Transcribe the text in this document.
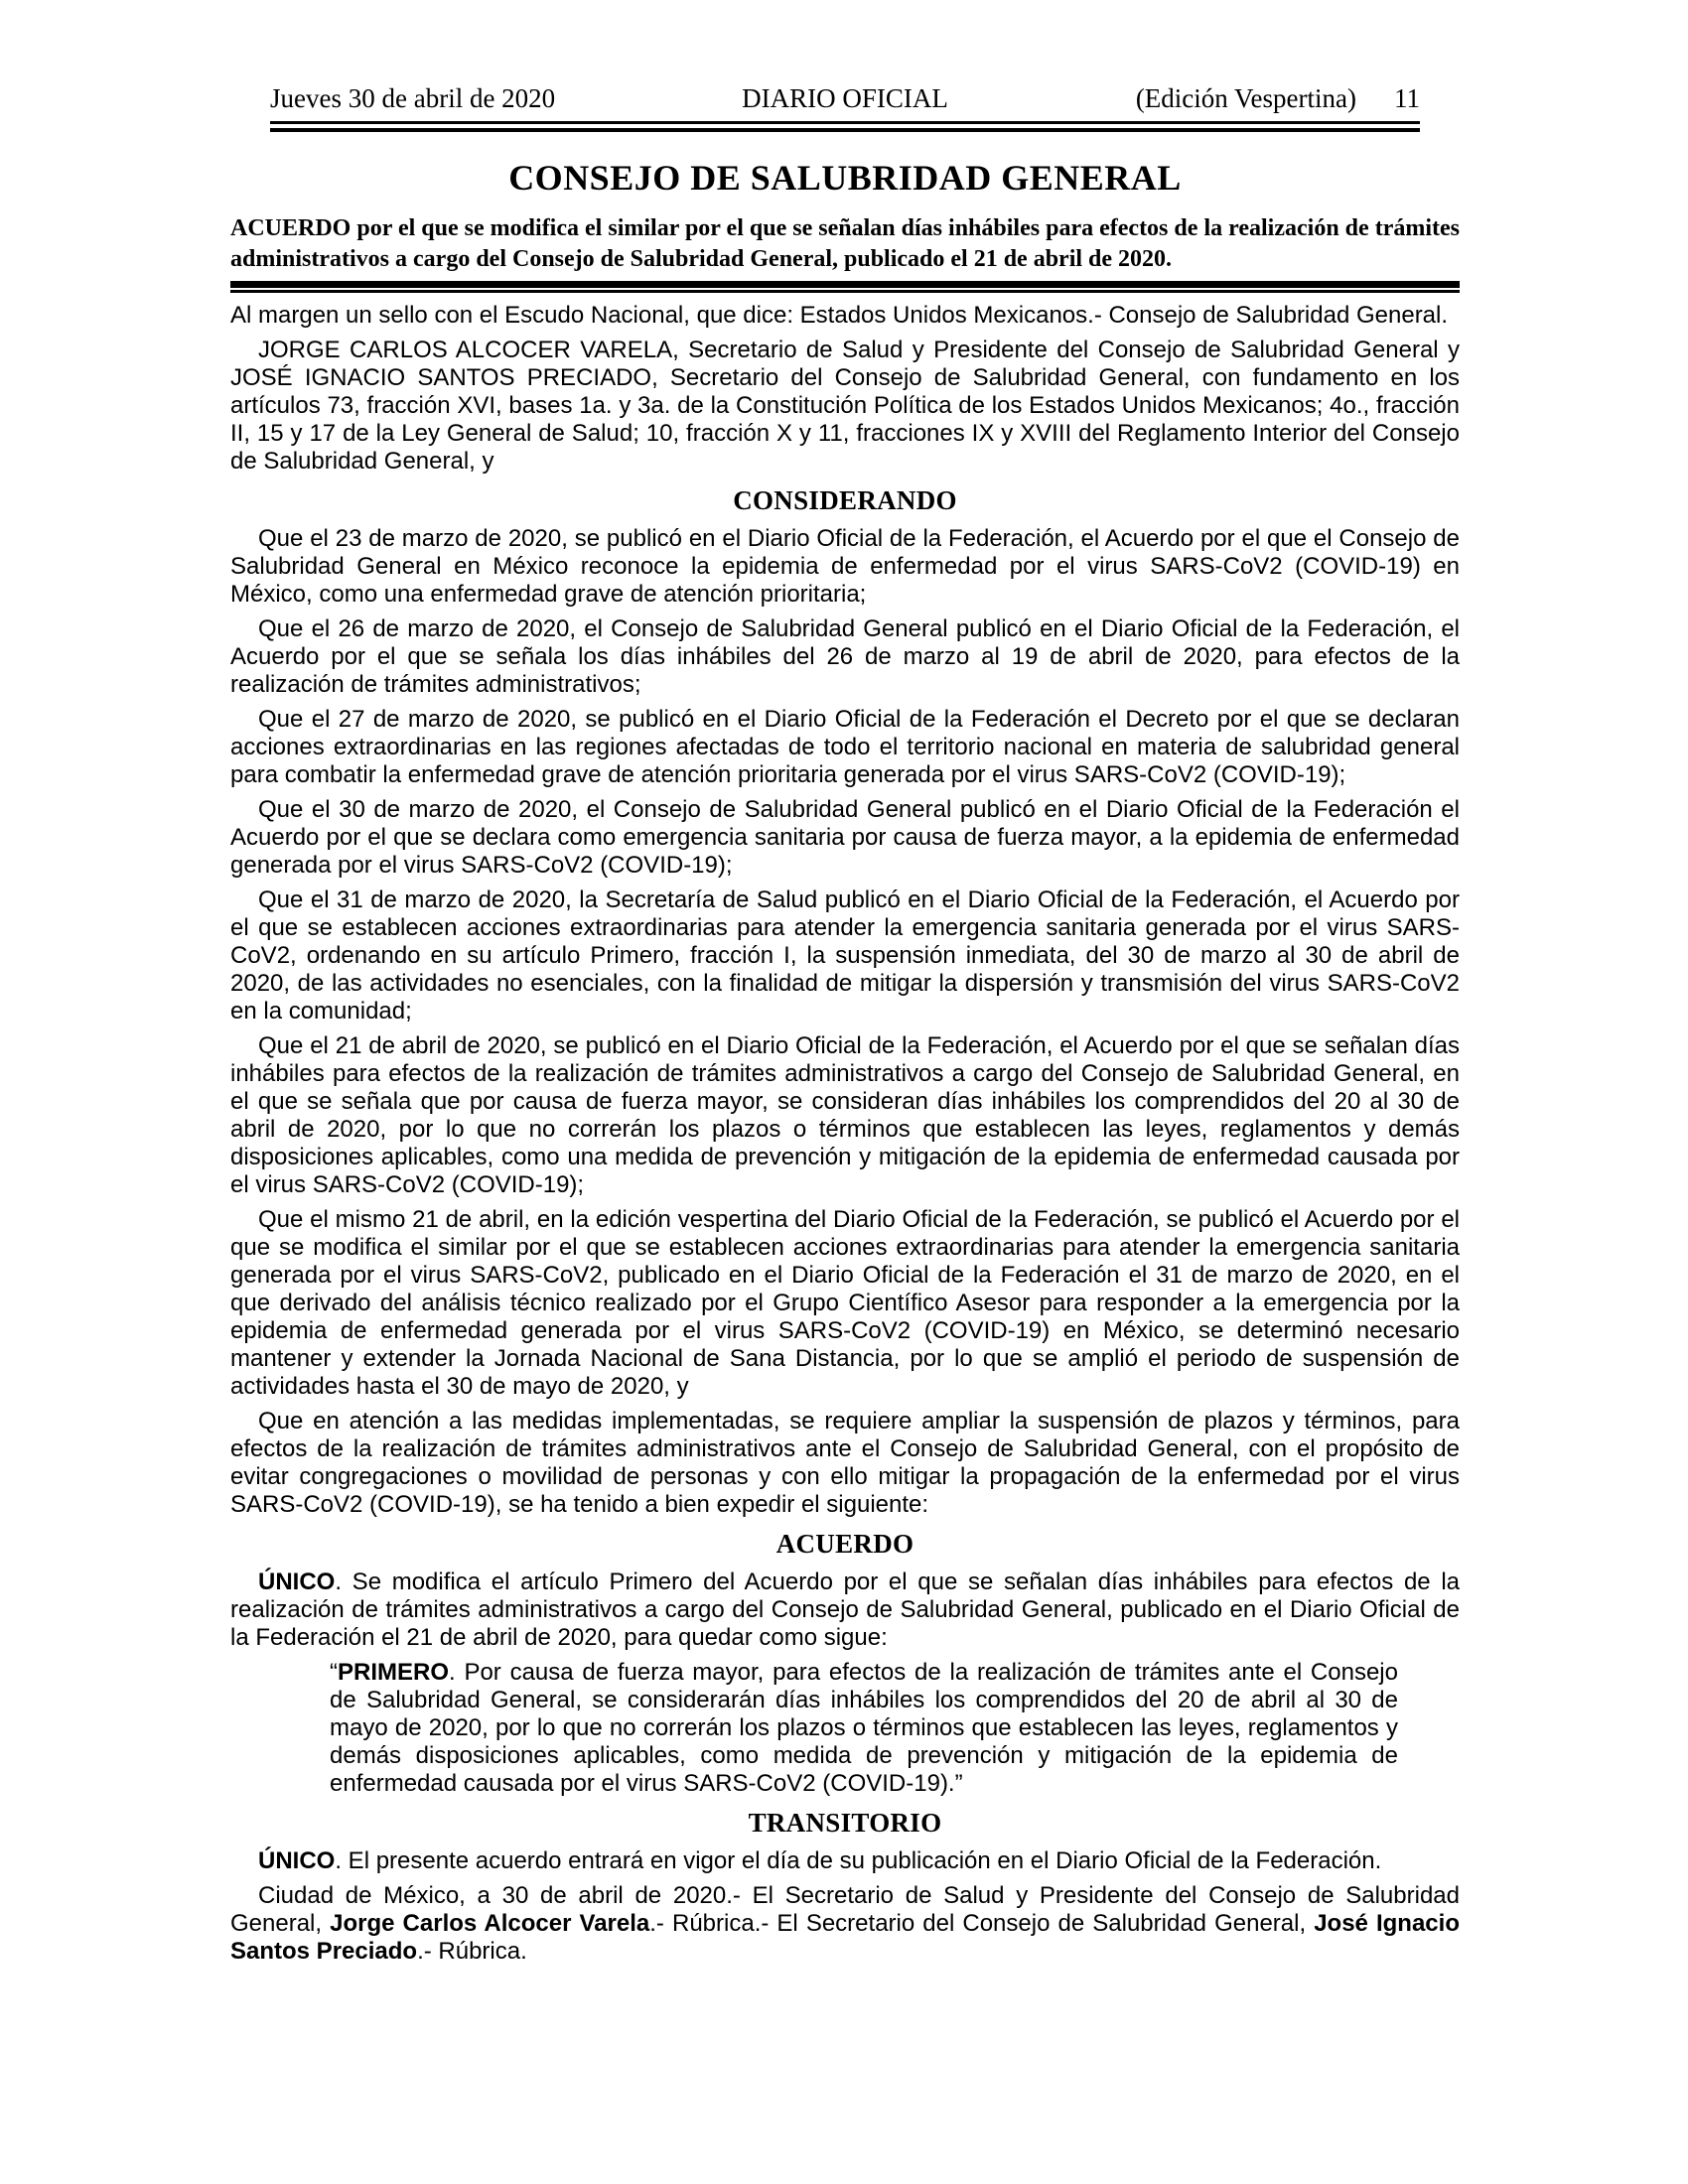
Jueves 30 de abril de 2020	DIARIO OFICIAL	(Edición Vespertina) 11
CONSEJO DE SALUBRIDAD GENERAL

ACUERDO por el que se modifica el similar por el que se señalan días inhábiles para efectos de la realización de trámites administrativos a cargo del Consejo de Salubridad General, publicado el 21 de abril de 2020.

Al margen un sello con el Escudo Nacional, que dice: Estados Unidos Mexicanos.- Consejo de Salubridad General.

JORGE CARLOS ALCOCER VARELA, Secretario de Salud y Presidente del Consejo de Salubridad General y JOSÉ IGNACIO SANTOS PRECIADO, Secretario del Consejo de Salubridad General, con fundamento en los artículos 73, fracción XVI, bases 1a. y 3a. de la Constitución Política de los Estados Unidos Mexicanos; 4o., fracción II, 15 y 17 de la Ley General de Salud; 10, fracción X y 11, fracciones IX y XVIII del Reglamento Interior del Consejo de Salubridad General, y

CONSIDERANDO

Que el 23 de marzo de 2020, se publicó en el Diario Oficial de la Federación, el Acuerdo por el que el Consejo de Salubridad General en México reconoce la epidemia de enfermedad por el virus SARS-CoV2 (COVID-19) en México, como una enfermedad grave de atención prioritaria;

Que el 26 de marzo de 2020, el Consejo de Salubridad General publicó en el Diario Oficial de la Federación, el Acuerdo por el que se señala los días inhábiles del 26 de marzo al 19 de abril de 2020, para efectos de la realización de trámites administrativos;

Que el 27 de marzo de 2020, se publicó en el Diario Oficial de la Federación el Decreto por el que se declaran acciones extraordinarias en las regiones afectadas de todo el territorio nacional en materia de salubridad general para combatir la enfermedad grave de atención prioritaria generada por el virus SARS-CoV2 (COVID-19);

Que el 30 de marzo de 2020, el Consejo de Salubridad General publicó en el Diario Oficial de la Federación el Acuerdo por el que se declara como emergencia sanitaria por causa de fuerza mayor, a la epidemia de enfermedad generada por el virus SARS-CoV2 (COVID-19);

Que el 31 de marzo de 2020, la Secretaría de Salud publicó en el Diario Oficial de la Federación, el Acuerdo por el que se establecen acciones extraordinarias para atender la emergencia sanitaria generada por el virus SARS-CoV2, ordenando en su artículo Primero, fracción I, la suspensión inmediata, del 30 de marzo al 30 de abril de 2020, de las actividades no esenciales, con la finalidad de mitigar la dispersión y transmisión del virus SARS-CoV2 en la comunidad;

Que el 21 de abril de 2020, se publicó en el Diario Oficial de la Federación, el Acuerdo por el que se señalan días inhábiles para efectos de la realización de trámites administrativos a cargo del Consejo de Salubridad General, en el que se señala que por causa de fuerza mayor, se consideran días inhábiles los comprendidos del 20 al 30 de abril de 2020, por lo que no correrán los plazos o términos que establecen las leyes, reglamentos y demás disposiciones aplicables, como una medida de prevención y mitigación de la epidemia de enfermedad causada por el virus SARS-CoV2 (COVID-19);

Que el mismo 21 de abril, en la edición vespertina del Diario Oficial de la Federación, se publicó el Acuerdo por el que se modifica el similar por el que se establecen acciones extraordinarias para atender la emergencia sanitaria generada por el virus SARS-CoV2, publicado en el Diario Oficial de la Federación el 31 de marzo de 2020, en el que derivado del análisis técnico realizado por el Grupo Científico Asesor para responder a la emergencia por la epidemia de enfermedad generada por el virus SARS-CoV2 (COVID-19) en México, se determinó necesario mantener y extender la Jornada Nacional de Sana Distancia, por lo que se amplió el periodo de suspensión de actividades hasta el 30 de mayo de 2020, y

Que en atención a las medidas implementadas, se requiere ampliar la suspensión de plazos y términos, para efectos de la realización de trámites administrativos ante el Consejo de Salubridad General, con el propósito de evitar congregaciones o movilidad de personas y con ello mitigar la propagación de la enfermedad por el virus SARS-CoV2 (COVID-19), se ha tenido a bien expedir el siguiente:

ACUERDO

ÚNICO. Se modifica el artículo Primero del Acuerdo por el que se señalan días inhábiles para efectos de la realización de trámites administrativos a cargo del Consejo de Salubridad General, publicado en el Diario Oficial de la Federación el 21 de abril de 2020, para quedar como sigue:

“PRIMERO. Por causa de fuerza mayor, para efectos de la realización de trámites ante el Consejo de Salubridad General, se considerarán días inhábiles los comprendidos del 20 de abril al 30 de mayo de 2020, por lo que no correrán los plazos o términos que establecen las leyes, reglamentos y demás disposiciones aplicables, como medida de prevención y mitigación de la epidemia de enfermedad causada por el virus SARS-CoV2 (COVID-19).”

TRANSITORIO

ÚNICO. El presente acuerdo entrará en vigor el día de su publicación en el Diario Oficial de la Federación.

Ciudad de México, a 30 de abril de 2020.- El Secretario de Salud y Presidente del Consejo de Salubridad General, Jorge Carlos Alcocer Varela.- Rúbrica.- El Secretario del Consejo de Salubridad General, José Ignacio Santos Preciado.- Rúbrica.
